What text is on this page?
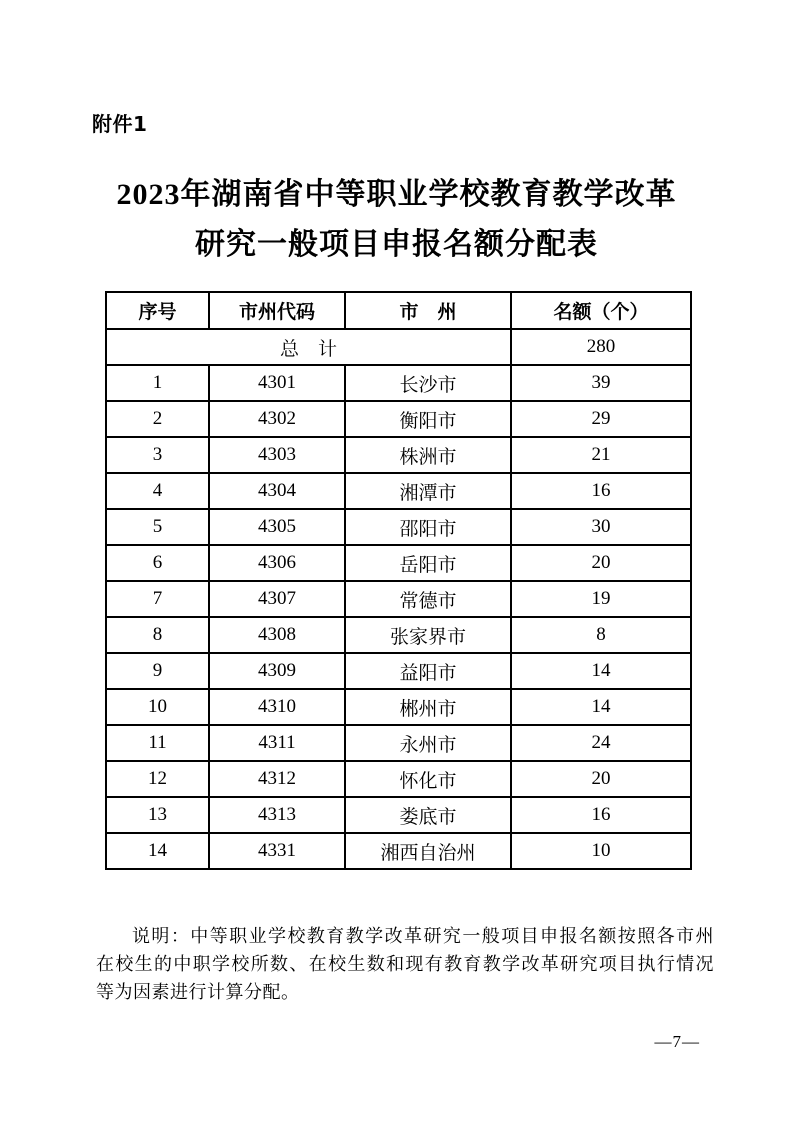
附件1
2023年湖南省中等职业学校教育教学改革
研究一般项目申报名额分配表
序号	市州代码	市　州	名额（个）
总　计			280
1	4301	长沙市	39
2	4302	衡阳市	29
3	4303	株洲市	21
4	4304	湘潭市	16
5	4305	邵阳市	30
6	4306	岳阳市	20
7	4307	常德市	19
8	4308	张家界市	8
9	4309	益阳市	14
10	4310	郴州市	14
11	4311	永州市	24
12	4312	怀化市	20
13	4313	娄底市	16
14	4331	湘西自治州	10
说明：中等职业学校教育教学改革研究一般项目申报名额按照各市州
在校生的中职学校所数、在校生数和现有教育教学改革研究项目执行情况
等为因素进行计算分配。
—7—
